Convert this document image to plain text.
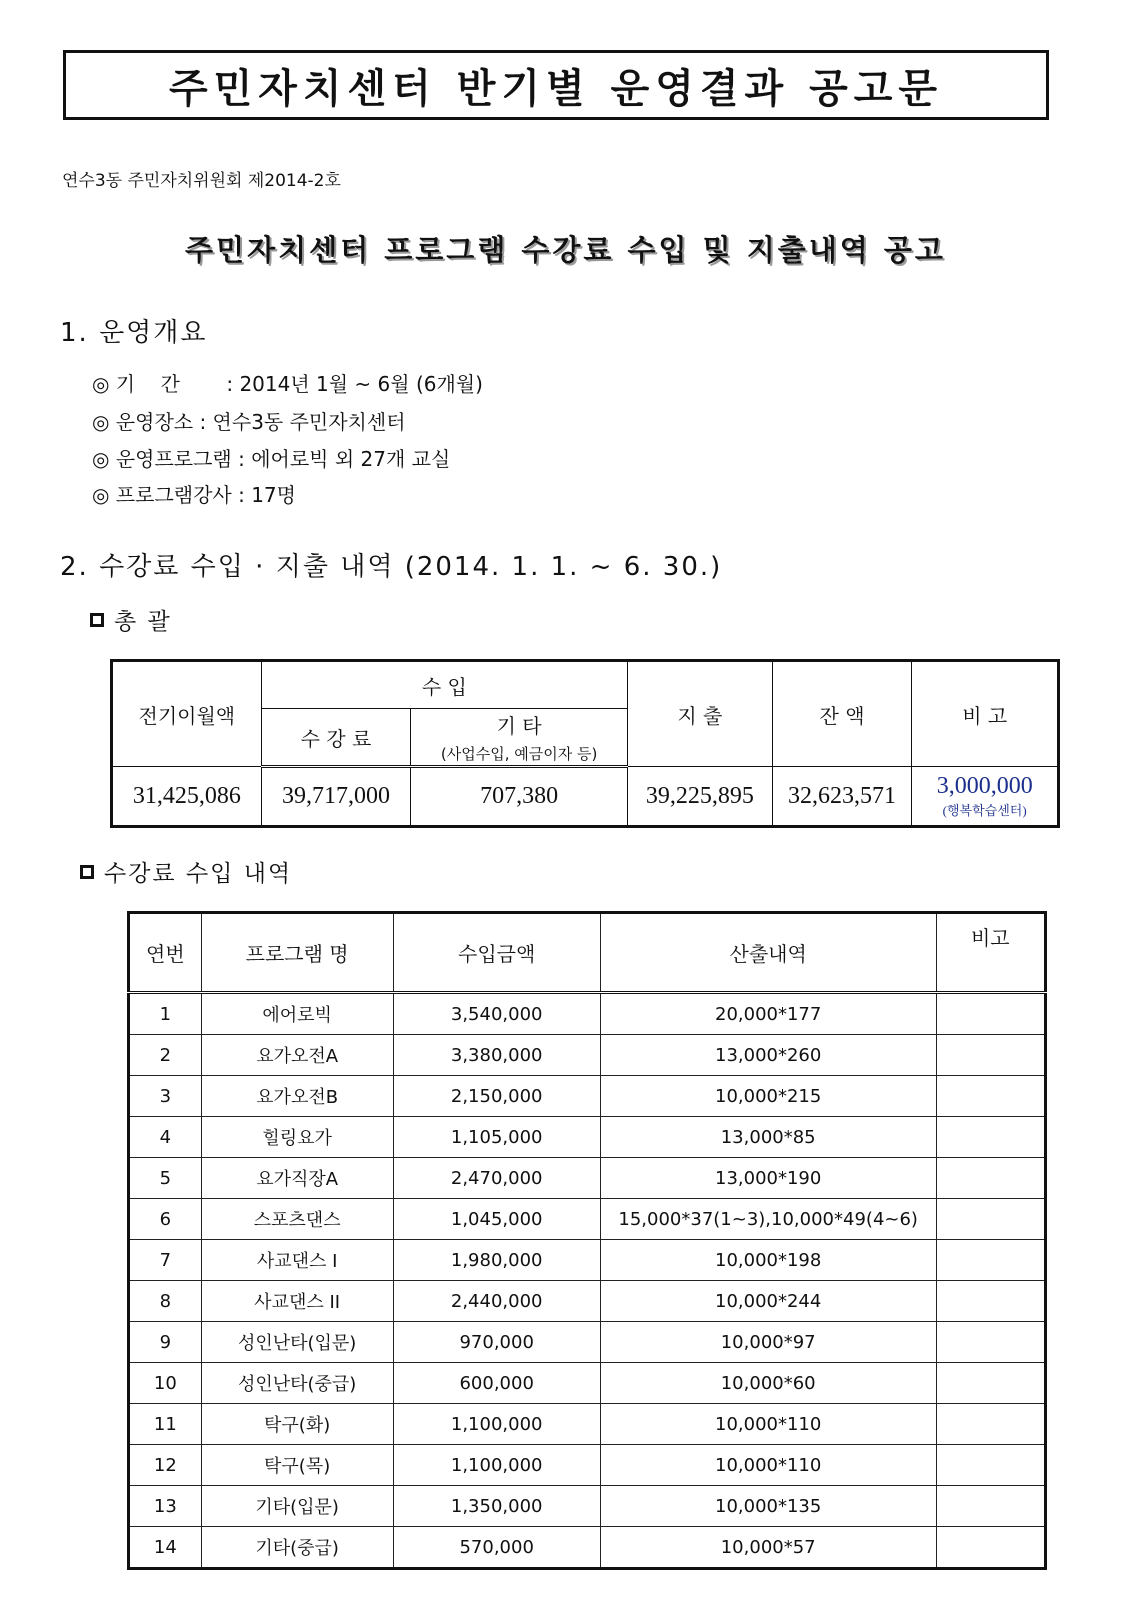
주민자치센터 반기별 운영결과 공고문
연수3동 주민자치위원회 제2014-2호
주민자치센터 프로그램 수강료 수입 및 지출내역 공고
1. 운영개요
◎ 기    간 : 2014년 1월 ~ 6월 (6개월)
◎ 운영장소 : 연수3동 주민자치센터
◎ 운영프로그램 : 에어로빅 외 27개 교실
◎ 프로그램강사 : 17명
2. 수강료 수입 · 지출 내역 (2014. 1. 1. ~ 6. 30.)
총 괄
전기이월액	수 입		지 출	잔 액	비 고
	수 강 료	기 타
(사업수입, 예금이자 등)			

31,425,086	39,717,000	707,380	39,225,895	32,623,571	3,000,000
(행복학습센터)
수강료 수입 내역
연번	프로그램 명	수입금액	산출내역	비고
1	에어로빅	3,540,000	20,000*177	
2	요가오전A	3,380,000	13,000*260	
3	요가오전B	2,150,000	10,000*215	
4	힐링요가	1,105,000	13,000*85	
5	요가직장A	2,470,000	13,000*190	
6	스포츠댄스	1,045,000	15,000*37(1~3),10,000*49(4~6)	
7	사교댄스 I	1,980,000	10,000*198	
8	사교댄스 II	2,440,000	10,000*244	
9	성인난타(입문)	970,000	10,000*97	
10	성인난타(중급)	600,000	10,000*60	
11	탁구(화)	1,100,000	10,000*110	
12	탁구(목)	1,100,000	10,000*110	
13	기타(입문)	1,350,000	10,000*135	
14	기타(중급)	570,000	10,000*57	
